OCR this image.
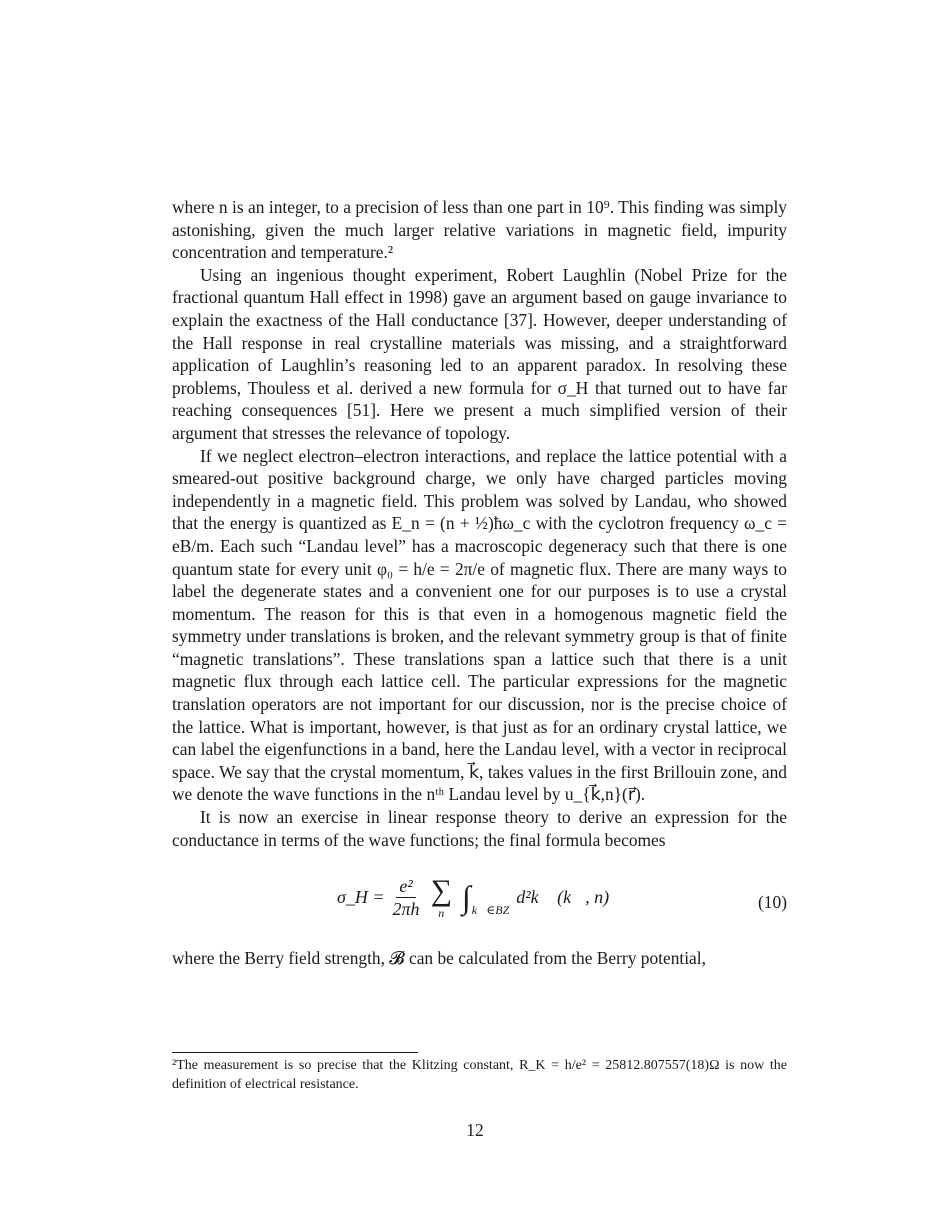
where n is an integer, to a precision of less than one part in 10⁹. This finding was simply astonishing, given the much larger relative variations in magnetic field, impurity concentration and temperature.²

Using an ingenious thought experiment, Robert Laughlin (Nobel Prize for the fractional quantum Hall effect in 1998) gave an argument based on gauge invariance to explain the exactness of the Hall conductance [37]. However, deeper understanding of the Hall response in real crystalline materials was missing, and a straightforward application of Laughlin’s reasoning led to an apparent paradox. In resolving these problems, Thouless et al. derived a new formula for σ_H that turned out to have far reaching consequences [51]. Here we present a much simplified version of their argument that stresses the relevance of topology.

If we neglect electron–electron interactions, and replace the lattice potential with a smeared-out positive background charge, we only have charged particles moving independently in a magnetic field. This problem was solved by Landau, who showed that the energy is quantized as E_n = (n + ½)ħω_c with the cyclotron frequency ω_c = eB/m. Each such “Landau level” has a macroscopic degeneracy such that there is one quantum state for every unit φ₀ = h/e = 2π/e of magnetic flux. There are many ways to label the degenerate states and a convenient one for our purposes is to use a crystal momentum. The reason for this is that even in a homogenous magnetic field the symmetry under translations is broken, and the relevant symmetry group is that of finite “magnetic translations”. These translations span a lattice such that there is a unit magnetic flux through each lattice cell. The particular expressions for the magnetic translation operators are not important for our discussion, nor is the precise choice of the lattice. What is important, however, is that just as for an ordinary crystal lattice, we can label the eigenfunctions in a band, here the Landau level, with a vector in reciprocal space. We say that the crystal momentum, k⃗, takes values in the first Brillouin zone, and we denote the wave functions in the nᵗʰ Landau level by u_{k⃗,n}(r⃗).

It is now an exercise in linear response theory to derive an expression for the conductance in terms of the wave functions; the final formula becomes

σ_H = $\frac{\text{e²}}{2\pi h}$ ∑
n ∫ k⃗∈BZ
d²k 𝓑(k⃗, n)	(10)

where the Berry field strength, 𝓑 can be calculated from the Berry potential,

²The measurement is so precise that the Klitzing constant, R_K = h/e² = 25812.807557(18)Ω is now the definition of electrical resistance.
12
